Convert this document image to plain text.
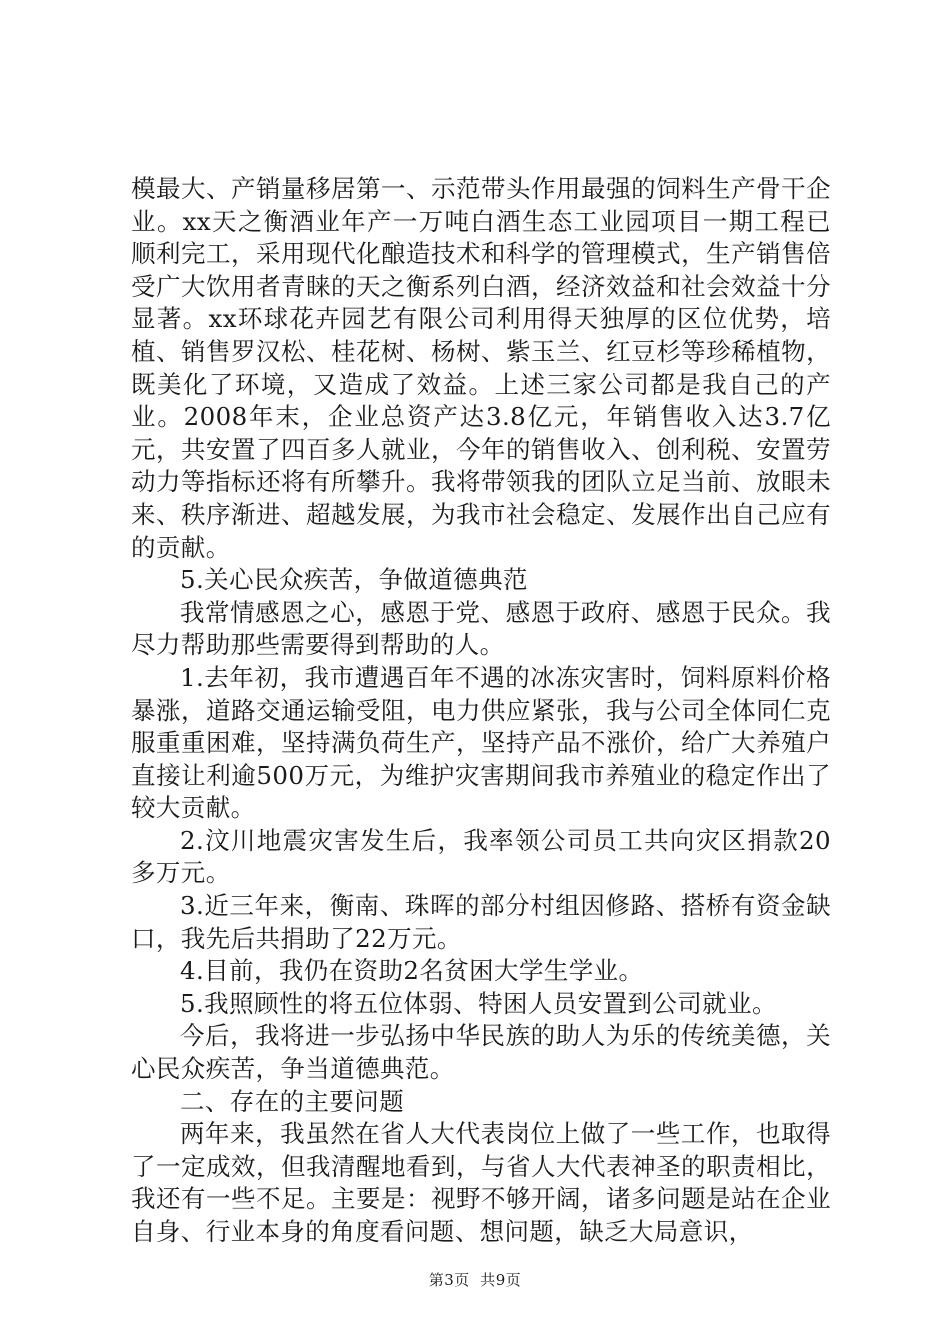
模最大、产销量移居第一、示范带头作用最强的饲料生产骨干企业。xx天之衡酒业年产一万吨白酒生态工业园项目一期工程已顺利完工，采用现代化酿造技术和科学的管理模式，生产销售倍受广大饮用者青睐的天之衡系列白酒，经济效益和社会效益十分显著。xx环球花卉园艺有限公司利用得天独厚的区位优势，培植、销售罗汉松、桂花树、杨树、紫玉兰、红豆杉等珍稀植物，既美化了环境，又造成了效益。上述三家公司都是我自己的产业。2008年末，企业总资产达3.8亿元，年销售收入达3.7亿元，共安置了四百多人就业，今年的销售收入、创利税、安置劳动力等指标还将有所攀升。我将带领我的团队立足当前、放眼未来、秩序渐进、超越发展，为我市社会稳定、发展作出自己应有的贡献。

5.关心民众疾苦，争做道德典范

我常情感恩之心，感恩于党、感恩于政府、感恩于民众。我尽力帮助那些需要得到帮助的人。

1.去年初，我市遭遇百年不遇的冰冻灾害时，饲料原料价格暴涨，道路交通运输受阻，电力供应紧张，我与公司全体同仁克服重重困难，坚持满负荷生产，坚持产品不涨价，给广大养殖户直接让利逾500万元，为维护灾害期间我市养殖业的稳定作出了较大贡献。

2.汶川地震灾害发生后，我率领公司员工共向灾区捐款20多万元。

3.近三年来，衡南、珠晖的部分村组因修路、搭桥有资金缺口，我先后共捐助了22万元。

4.目前，我仍在资助2名贫困大学生学业。

5.我照顾性的将五位体弱、特困人员安置到公司就业。

今后，我将进一步弘扬中华民族的助人为乐的传统美德，关心民众疾苦，争当道德典范。

二、存在的主要问题

两年来，我虽然在省人大代表岗位上做了一些工作，也取得了一定成效，但我清醒地看到，与省人大代表神圣的职责相比，我还有一些不足。主要是：视野不够开阔，诸多问题是站在企业自身、行业本身的角度看问题、想问题，缺乏大局意识，

第3页  共9页
